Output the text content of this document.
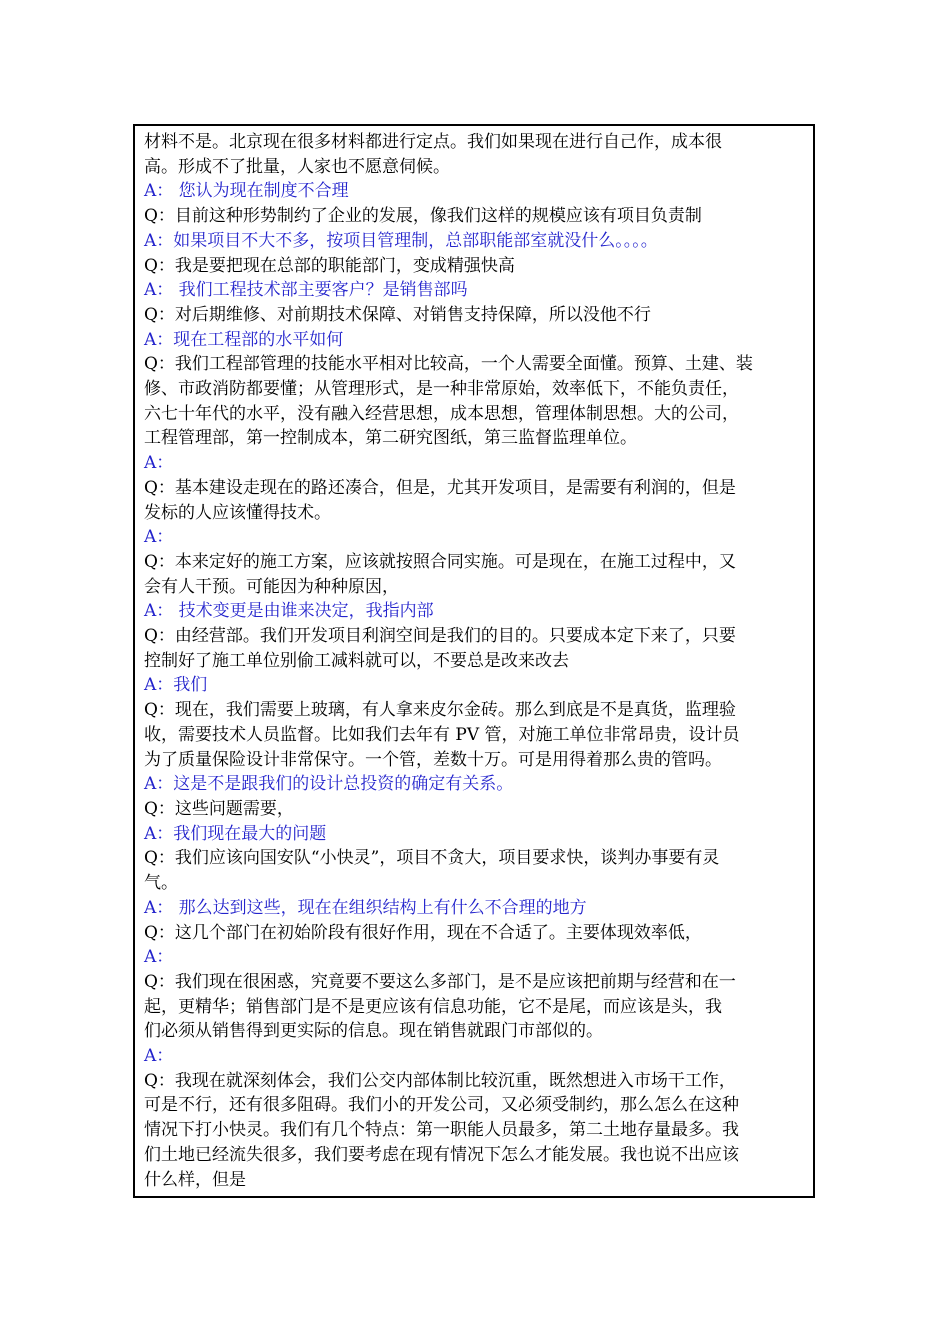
材料不是。北京现在很多材料都进行定点。我们如果现在进行自己作，成本很
高。形成不了批量，人家也不愿意伺候。
A： 您认为现在制度不合理
Q：目前这种形势制约了企业的发展，像我们这样的规模应该有项目负责制
A：如果项目不大不多，按项目管理制，总部职能部室就没什么。。。。
Q：我是要把现在总部的职能部门，变成精强快高
A： 我们工程技术部主要客户？是销售部吗
Q：对后期维修、对前期技术保障、对销售支持保障，所以没他不行
A：现在工程部的水平如何
Q：我们工程部管理的技能水平相对比较高，一个人需要全面懂。预算、土建、装
修、市政消防都要懂；从管理形式，是一种非常原始，效率低下，不能负责任，
六七十年代的水平，没有融入经营思想，成本思想，管理体制思想。大的公司，
工程管理部，第一控制成本，第二研究图纸，第三监督监理单位。
A：
Q：基本建设走现在的路还凑合，但是，尤其开发项目，是需要有利润的，但是
发标的人应该懂得技术。
A：
Q：本来定好的施工方案，应该就按照合同实施。可是现在，在施工过程中，又
会有人干预。可能因为种种原因，
A： 技术变更是由谁来决定，我指内部
Q：由经营部。我们开发项目利润空间是我们的目的。只要成本定下来了，只要
控制好了施工单位别偷工减料就可以，不要总是改来改去
A：我们
Q：现在，我们需要上玻璃，有人拿来皮尔金砖。那么到底是不是真货，监理验
收，需要技术人员监督。比如我们去年有 PV 管，对施工单位非常昂贵，设计员
为了质量保险设计非常保守。一个管，差数十万。可是用得着那么贵的管吗。
A：这是不是跟我们的设计总投资的确定有关系。
Q：这些问题需要，
A：我们现在最大的问题
Q：我们应该向国安队“小快灵”，项目不贪大，项目要求快，谈判办事要有灵
气。
A： 那么达到这些，现在在组织结构上有什么不合理的地方
Q：这几个部门在初始阶段有很好作用，现在不合适了。主要体现效率低，
A：
Q：我们现在很困惑，究竟要不要这么多部门，是不是应该把前期与经营和在一
起，更精华；销售部门是不是更应该有信息功能，它不是尾，而应该是头，我
们必须从销售得到更实际的信息。现在销售就跟门市部似的。
A：
Q：我现在就深刻体会，我们公交内部体制比较沉重，既然想进入市场干工作，
可是不行，还有很多阻碍。我们小的开发公司，又必须受制约，那么怎么在这种
情况下打小快灵。我们有几个特点：第一职能人员最多，第二土地存量最多。我
们土地已经流失很多，我们要考虑在现有情况下怎么才能发展。我也说不出应该
什么样，但是
